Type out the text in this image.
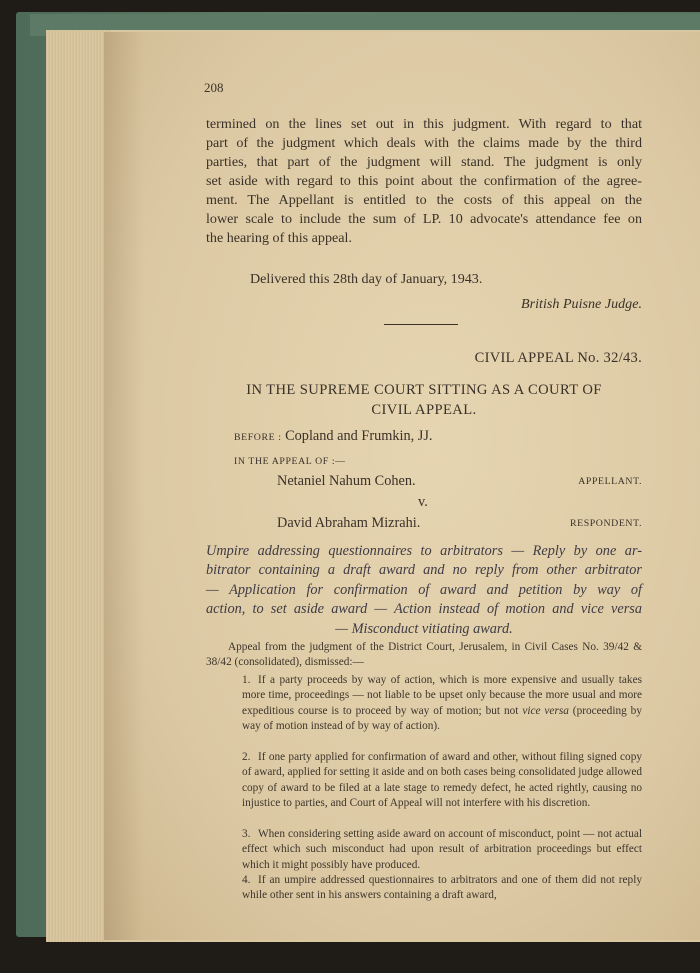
208
termined on the lines set out in this judgment. With regard to that
part of the judgment which deals with the claims made by the third
parties, that part of the judgment will stand. The judgment is only
set aside with regard to this point about the confirmation of the agree-
ment. The Appellant is entitled to the costs of this appeal on the
lower scale to include the sum of LP. 10 advocate's attendance fee on
the hearing of this appeal.
Delivered this 28th day of January, 1943.
British Puisne Judge.
CIVIL APPEAL No. 32/43.
IN THE SUPREME COURT SITTING AS A COURT OF
CIVIL APPEAL.
BEFORE : Copland and Frumkin, JJ.
IN THE APPEAL OF :—
Netaniel Nahum Cohen.	APPELLANT.
v.
David Abraham Mizrahi.	RESPONDENT.
Umpire addressing questionnaires to arbitrators — Reply by one ar-
bitrator containing a draft award and no reply from other arbitrator
— Application for confirmation of award and petition by way of
action, to set aside award — Action instead of motion and vice versa
— Misconduct vitiating award.
Appeal from the judgment of the District Court, Jerusalem, in Civil Cases No. 39/42 & 38/42 (consolidated), dismissed:—
1. If a party proceeds by way of action, which is more expensive and usually takes more time, proceedings — not liable to be upset only because the more usual and more expeditious course is to proceed by way of motion; but not vice versa (proceeding by way of motion instead of by way of action).
2. If one party applied for confirmation of award and other, without filing signed copy of award, applied for setting it aside and on both cases being consolidated judge allowed copy of award to be filed at a late stage to remedy defect, he acted rightly, causing no injustice to parties, and Court of Appeal will not interfere with his discretion.
3. When considering setting aside award on account of misconduct, point — not actual effect which such misconduct had upon result of arbitration proceedings but effect which it might possibly have produced.
4. If an umpire addressed questionnaires to arbitrators and one of them did not reply while other sent in his answers containing a draft award,
